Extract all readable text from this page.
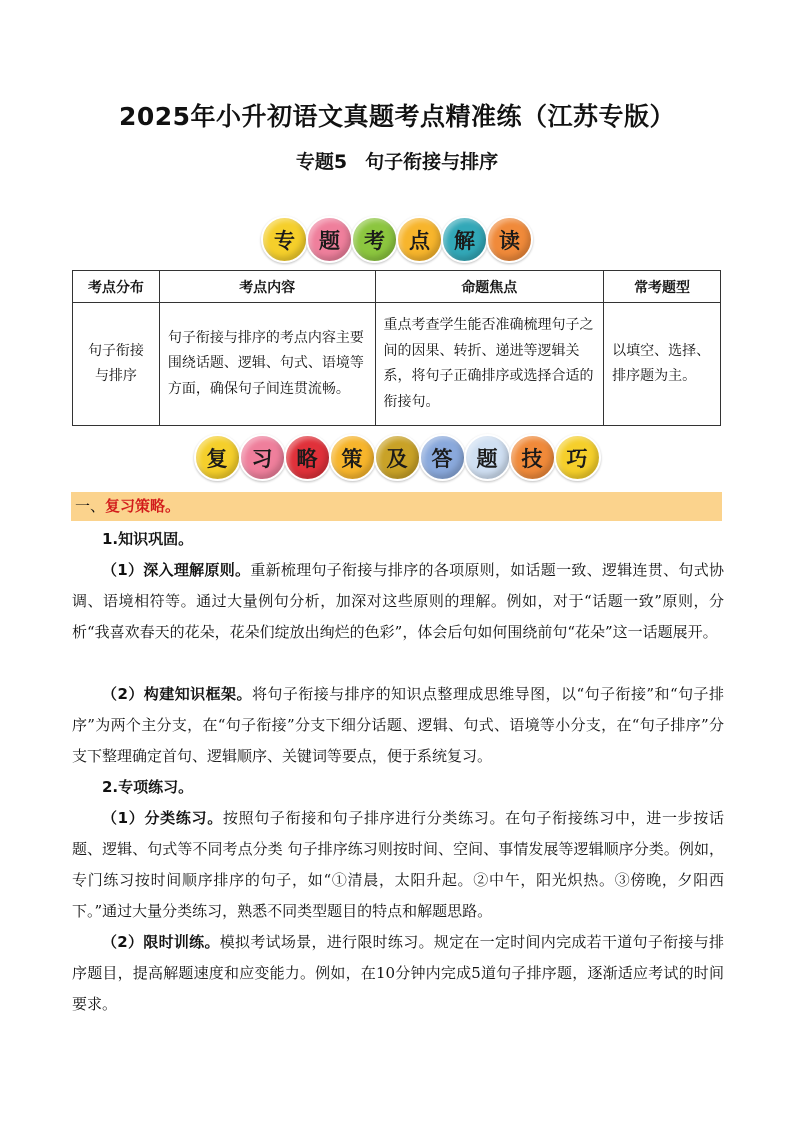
2025年小升初语文真题考点精准练（江苏专版）
专题5 句子衔接与排序
专	题	考	点	解	读
考点分布	考点内容	命题焦点	常考题型
句子衔接与排序	句子衔接与排序的考点内容主要围绕话题、逻辑、句式、语境等方面，确保句子间连贯流畅。	重点考查学生能否准确梳理句子之间的因果、转折、递进等逻辑关系，将句子正确排序或选择合适的衔接句。	以填空、选择、排序题为主。
复	习	略	策	及	答	题	技	巧
一、复习策略。

1.知识巩固。

（1）深入理解原则。重新梳理句子衔接与排序的各项原则，如话题一致、逻辑连贯、句式协调、语境相符等。通过大量例句分析，加深对这些原则的理解。例如，对于“话题一致”原则，分析“我喜欢春天的花朵，花朵们绽放出绚烂的色彩”，体会后句如何围绕前句“花朵”这一话题展开。

（2）构建知识框架。将句子衔接与排序的知识点整理成思维导图，以“句子衔接”和“句子排序”为两个主分支，在“句子衔接”分支下细分话题、逻辑、句式、语境等小分支，在“句子排序”分支下整理确定首句、逻辑顺序、关键词等要点，便于系统复习。

2.专项练习。

（1）分类练习。按照句子衔接和句子排序进行分类练习。在句子衔接练习中，进一步按话题、逻辑、句式等不同考点分类 句子排序练习则按时间、空间、事情发展等逻辑顺序分类。例如，专门练习按时间顺序排序的句子，如“①清晨，太阳升起。②中午，阳光炽热。③傍晚，夕阳西下。”通过大量分类练习，熟悉不同类型题目的特点和解题思路。

（2）限时训练。模拟考试场景，进行限时练习。规定在一定时间内完成若干道句子衔接与排序题目，提高解题速度和应变能力。例如，在10分钟内完成5道句子排序题，逐渐适应考试的时间要求。
